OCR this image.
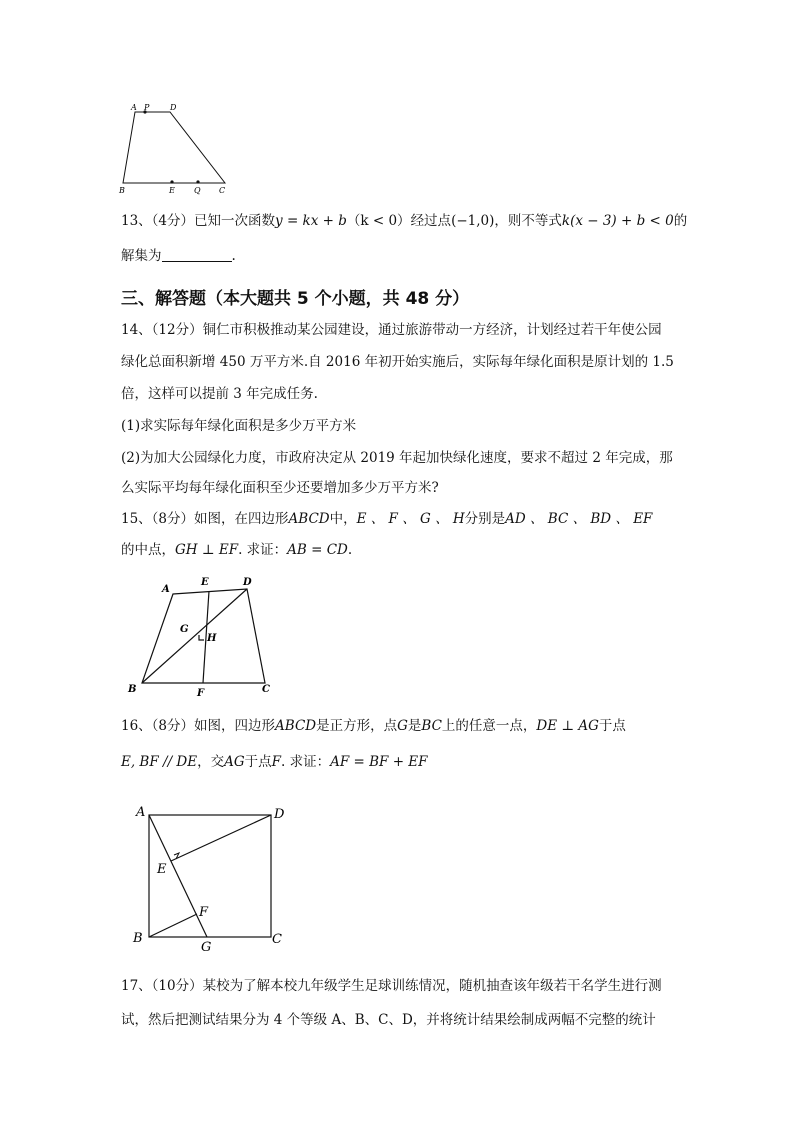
A P	D
B	E Q C
13、（4分）已知一次函数y = kx + b（k < 0）经过点(−1,0)，则不等式k(x − 3) + b < 0的
解集为	.
三、解答题（本大题共 5 个小题，共 48 分）
14、（12分）铜仁市积极推动某公园建设，通过旅游带动一方经济，计划经过若干年使公园
绿化总面积新增 450 万平方米.自 2016 年初开始实施后，实际每年绿化面积是原计划的 1.5
倍，这样可以提前 3 年完成任务.
(1)求实际每年绿化面积是多少万平方米
(2)为加大公园绿化力度，市政府决定从 2019 年起加快绿化速度，要求不超过 2 年完成，那
么实际平均每年绿化面积至少还要增加多少万平方米?
15、（8分）如图，在四边形ABCD中，E 、 F 、 G 、 H分别是AD 、 BC 、 BD 、 EF
的中点，GH ⊥ EF. 求证：AB = CD.
A
E	D
G
H
B	F	C
16、（8分）如图，四边形ABCD是正方形，点G是BC上的任意一点，DE ⊥ AG于点
E, BF // DE，交AG于点F. 求证：AF = BF + EF
A	D
E
F
B
G
C
17、（10分）某校为了解本校九年级学生足球训练情况，随机抽查该年级若干名学生进行测
试，然后把测试结果分为 4 个等级 A、B、C、D，并将统计结果绘制成两幅不完整的统计
